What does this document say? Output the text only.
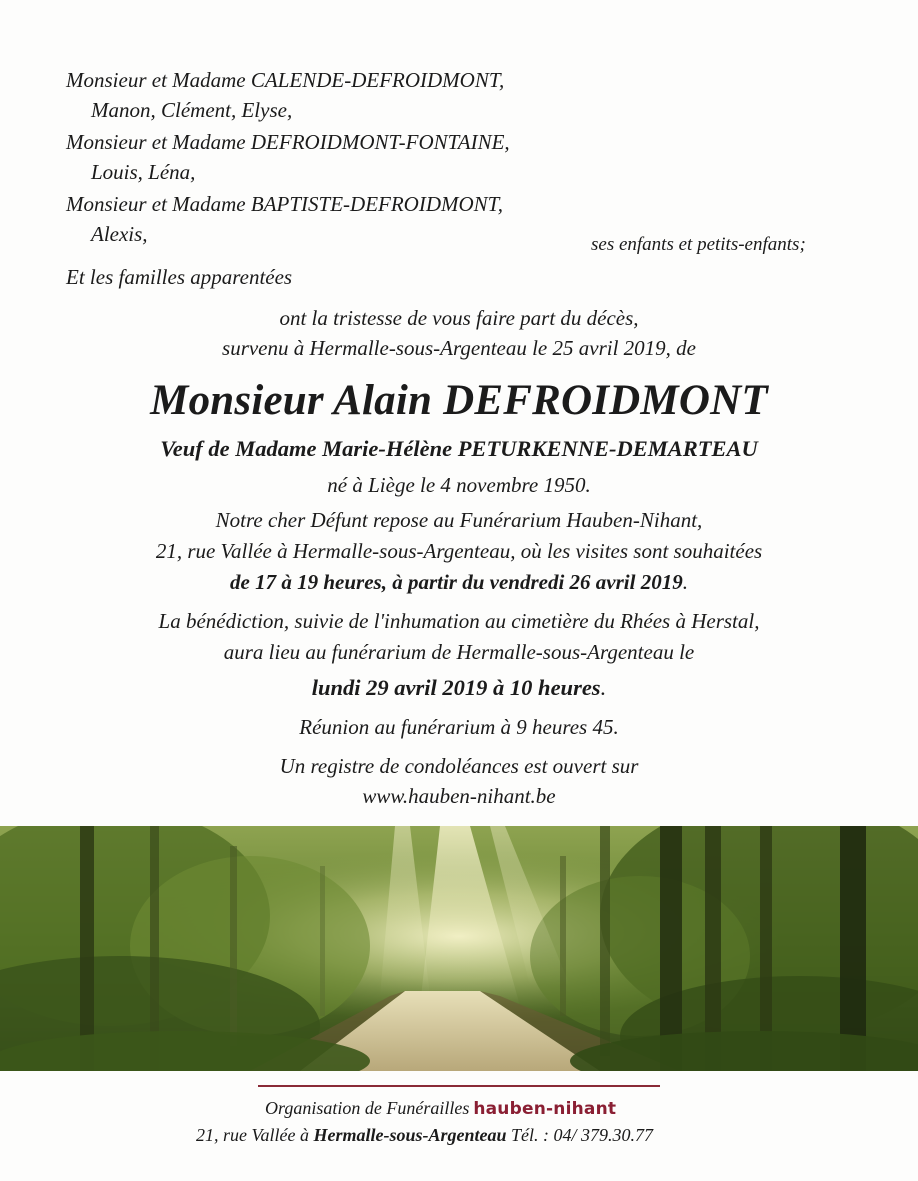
Monsieur et Madame CALENDE-DEFROIDMONT,
Manon, Clément, Elyse,
Monsieur et Madame DEFROIDMONT-FONTAINE,
Louis, Léna,
Monsieur et Madame BAPTISTE-DEFROIDMONT,
Alexis,	ses enfants et petits-enfants;
Et les familles apparentées
ont la tristesse de vous faire part du décès,
survenu à Hermalle-sous-Argenteau le 25 avril 2019, de
Monsieur Alain DEFROIDMONT
Veuf de Madame Marie-Hélène PETURKENNE-DEMARTEAU
né à Liège le 4 novembre 1950.
Notre cher Défunt repose au Funérarium Hauben-Nihant,
21, rue Vallée à Hermalle-sous-Argenteau, où les visites sont souhaitées
de 17 à 19 heures, à partir du vendredi 26 avril 2019.
La bénédiction, suivie de l'inhumation au cimetière du Rhées à Herstal,
aura lieu au funérarium de Hermalle-sous-Argenteau le
lundi 29 avril 2019 à 10 heures.
Réunion au funérarium à 9 heures 45.
Un registre de condoléances est ouvert sur
www.hauben-nihant.be
Organisation de Funérailles hauben-nihant
21, rue Vallée à Hermalle-sous-Argenteau Tél. : 04/ 379.30.77
